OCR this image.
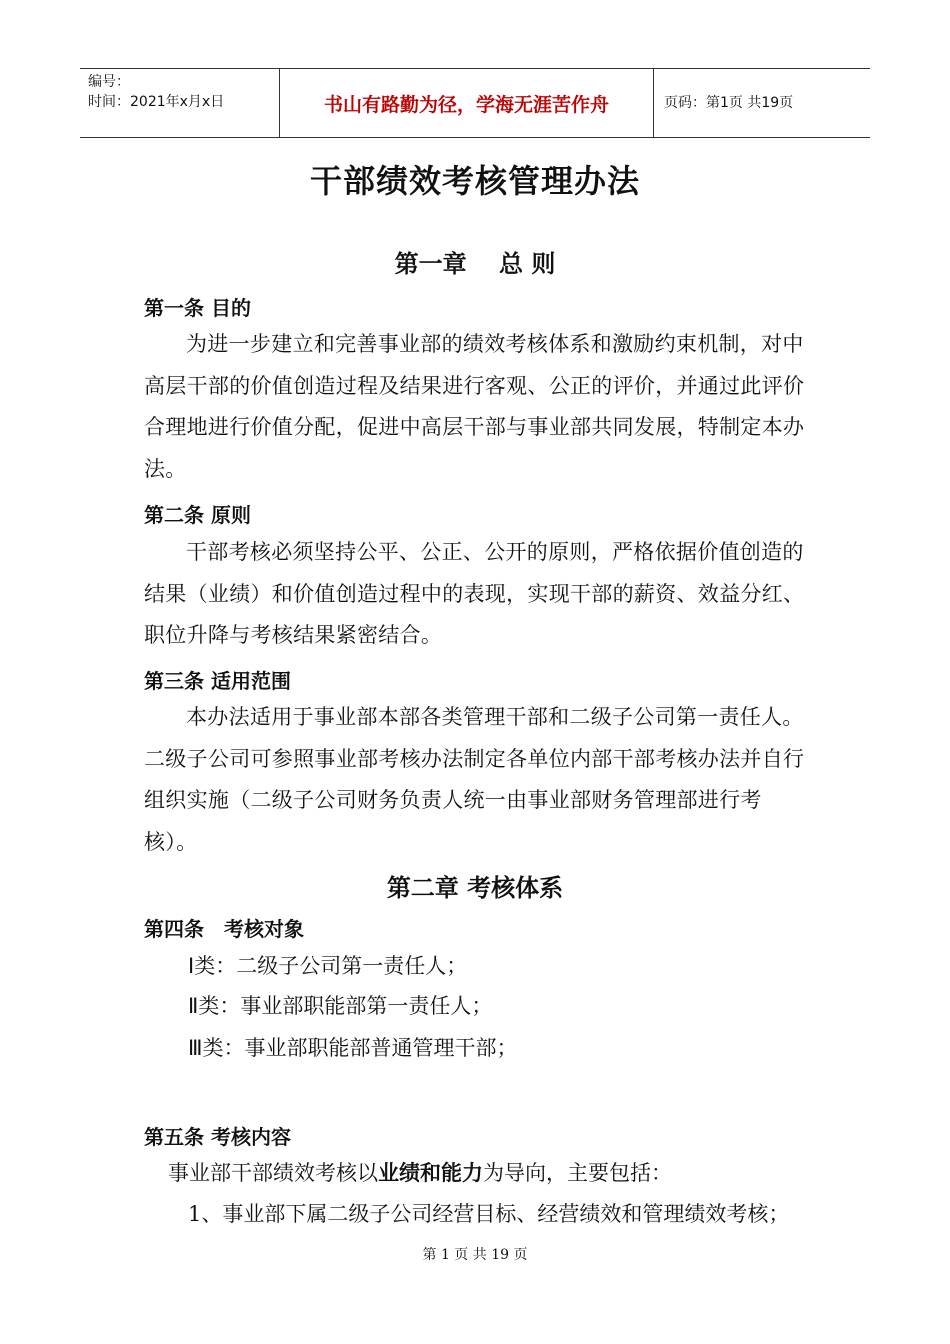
编号：
时间：2021年x月x日	书山有路勤为径，学海无涯苦作舟	页码：第1页 共19页
干部绩效考核管理办法
第一章　 总 则
第一条 目的
为进一步建立和完善事业部的绩效考核体系和激励约束机制，对中高层干部的价值创造过程及结果进行客观、公正的评价，并通过此评价合理地进行价值分配，促进中高层干部与事业部共同发展，特制定本办法。
第二条 原则
干部考核必须坚持公平、公正、公开的原则，严格依据价值创造的结果（业绩）和价值创造过程中的表现，实现干部的薪资、效益分红、职位升降与考核结果紧密结合。
第三条 适用范围
本办法适用于事业部本部各类管理干部和二级子公司第一责任人。二级子公司可参照事业部考核办法制定各单位内部干部考核办法并自行组织实施（二级子公司财务负责人统一由事业部财务管理部进行考核）。
第二章 考核体系
第四条　考核对象
Ⅰ类：二级子公司第一责任人；
Ⅱ类：事业部职能部第一责任人；
Ⅲ类：事业部职能部普通管理干部；
第五条 考核内容
事业部干部绩效考核以业绩和能力为导向，主要包括：
1、事业部下属二级子公司经营目标、经营绩效和管理绩效考核；
第 1 页 共 19 页
